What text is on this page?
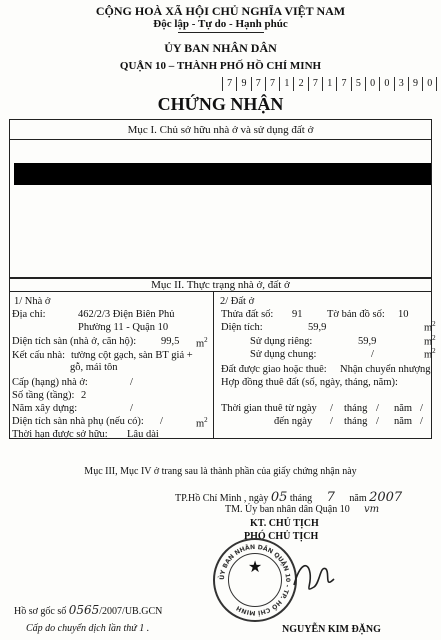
CỘNG HOÀ XÃ HỘI CHỦ NGHĨA VIỆT NAM
Độc lập - Tự do - Hạnh phúc
ỦY BAN NHÂN DÂN
QUẬN 10 – THÀNH PHỐ HỒ CHÍ MINH
7 9 7 7 1 2 7 1 7 5 0 0 3 9 0
CHỨNG NHẬN
Mục I. Chủ sở hữu nhà ở và sử dụng đất ở
Mục II. Thực trạng nhà ở, đất ở
1/ Nhà ở
Địa chỉ:	462/2/3 Điện Biên Phủ
Phường 11 - Quận 10
Diện tích sàn (nhà ở, căn hộ): 99,5 $m^2$
Kết cấu nhà: tường cột gạch, sàn BT giả +
gỗ, mái tôn
Cấp (hạng) nhà ở:	/
Số tầng (tầng): 2
Năm xây dựng:	/
Diện tích sàn nhà phụ (nếu có): /	$m^2$
Thời hạn được sở hữu: Lâu dài
2/ Đất ở
Thửa đất số: 91 Tờ bản đồ số: 10
Diện tích:	59,9	$m^2$
Sử dụng riêng:	59,9	$m^2$
Sử dụng chung:	/	$m^2$
Đất được giao hoặc thuê: Nhận chuyển nhượng
Hợp đồng thuê đất (số, ngày, tháng, năm):
Thời gian thuê từ ngày / tháng / năm /
đến ngày / tháng / năm /
Mục III, Mục IV ở trang sau là thành phần của giấy chứng nhận này
TP.Hồ Chí Minh , ngày 05 tháng 7 năm 2007
TM. Ủy ban nhân dân Quận 10 vm
KT. CHỦ TỊCH
PHÓ CHỦ TỊCH
ỦY BAN NHÂN DÂN QUẬN 10 - TP. HỒ CHÍ MINH
★
Hồ sơ gốc số 0565/2007/UB.GCN
Cấp do chuyển dịch lần thứ 1 .	NGUYỄN KIM ĐẶNG
